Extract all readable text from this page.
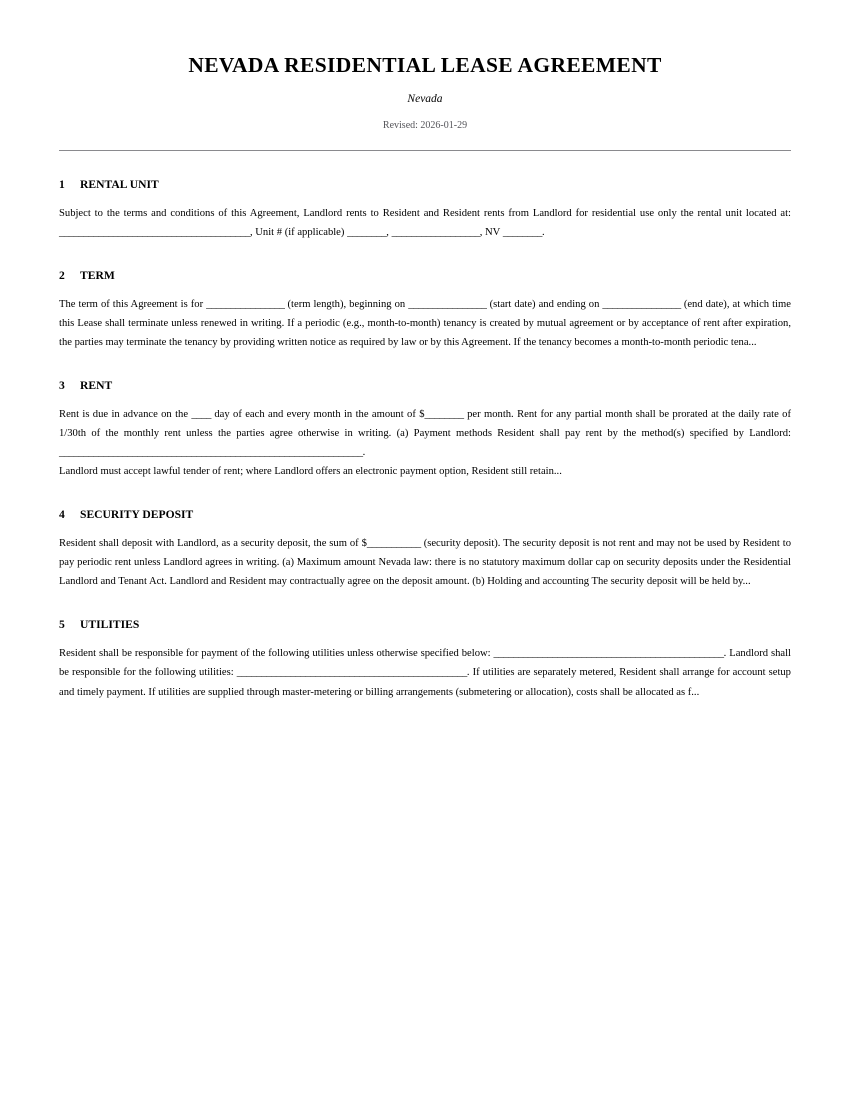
NEVADA RESIDENTIAL LEASE AGREEMENT
Nevada
Revised: 2026-01-29
1 RENTAL UNIT

Subject to the terms and conditions of this Agreement, Landlord rents to Resident and Resident rents from Landlord for residential use only the rental unit located at: _______________________________________, Unit # (if applicable) ________, __________________, NV ________.

2 TERM

The term of this Agreement is for ________________ (term length), beginning on ________________ (start date) and ending on ________________ (end date), at which time this Lease shall terminate unless renewed in writing. If a periodic (e.g., month-to-month) tenancy is created by mutual agreement or by acceptance of rent after expiration, the parties may terminate the tenancy by providing written notice as required by law or by this Agreement. If the tenancy becomes a month-to-month periodic tena...

3 RENT

Rent is due in advance on the ____ day of each and every month in the amount of $________ per month. Rent for any partial month shall be prorated at the daily rate of 1/30th of the monthly rent unless the parties agree otherwise in writing. (a) Payment methods Resident shall pay rent by the method(s) specified by Landlord: ______________________________________________________________.
Landlord must accept lawful tender of rent; where Landlord offers an electronic payment option, Resident still retain...

4 SECURITY DEPOSIT

Resident shall deposit with Landlord, as a security deposit, the sum of $___________ (security deposit). The security deposit is not rent and may not be used by Resident to pay periodic rent unless Landlord agrees in writing. (a) Maximum amount Nevada law: there is no statutory maximum dollar cap on security deposits under the Residential Landlord and Tenant Act. Landlord and Resident may contractually agree on the deposit amount. (b) Holding and accounting The security deposit will be held by...

5 UTILITIES

Resident shall be responsible for payment of the following utilities unless otherwise specified below: _______________________________________________. Landlord shall be responsible for the following utilities: _______________________________________________. If utilities are separately metered, Resident shall arrange for account setup and timely payment. If utilities are supplied through master-metering or billing arrangements (submetering or allocation), costs shall be allocated as f...
